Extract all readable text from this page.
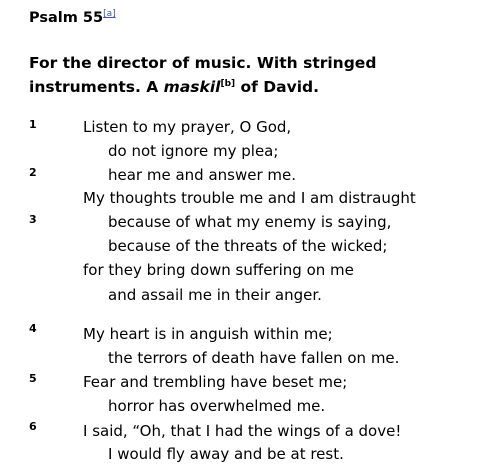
Psalm 55[a]
For the director of music. With stringed instruments. A maskil[b] of David.
1
2
3
4
5
6
Listen to my prayer, O God,
do not ignore my plea;
hear me and answer me.
My thoughts trouble me and I am distraught
because of what my enemy is saying,
because of the threats of the wicked;
for they bring down suffering on me
and assail me in their anger.
My heart is in anguish within me;
the terrors of death have fallen on me.
Fear and trembling have beset me;
horror has overwhelmed me.
I said, “Oh, that I had the wings of a dove!
I would fly away and be at rest.
